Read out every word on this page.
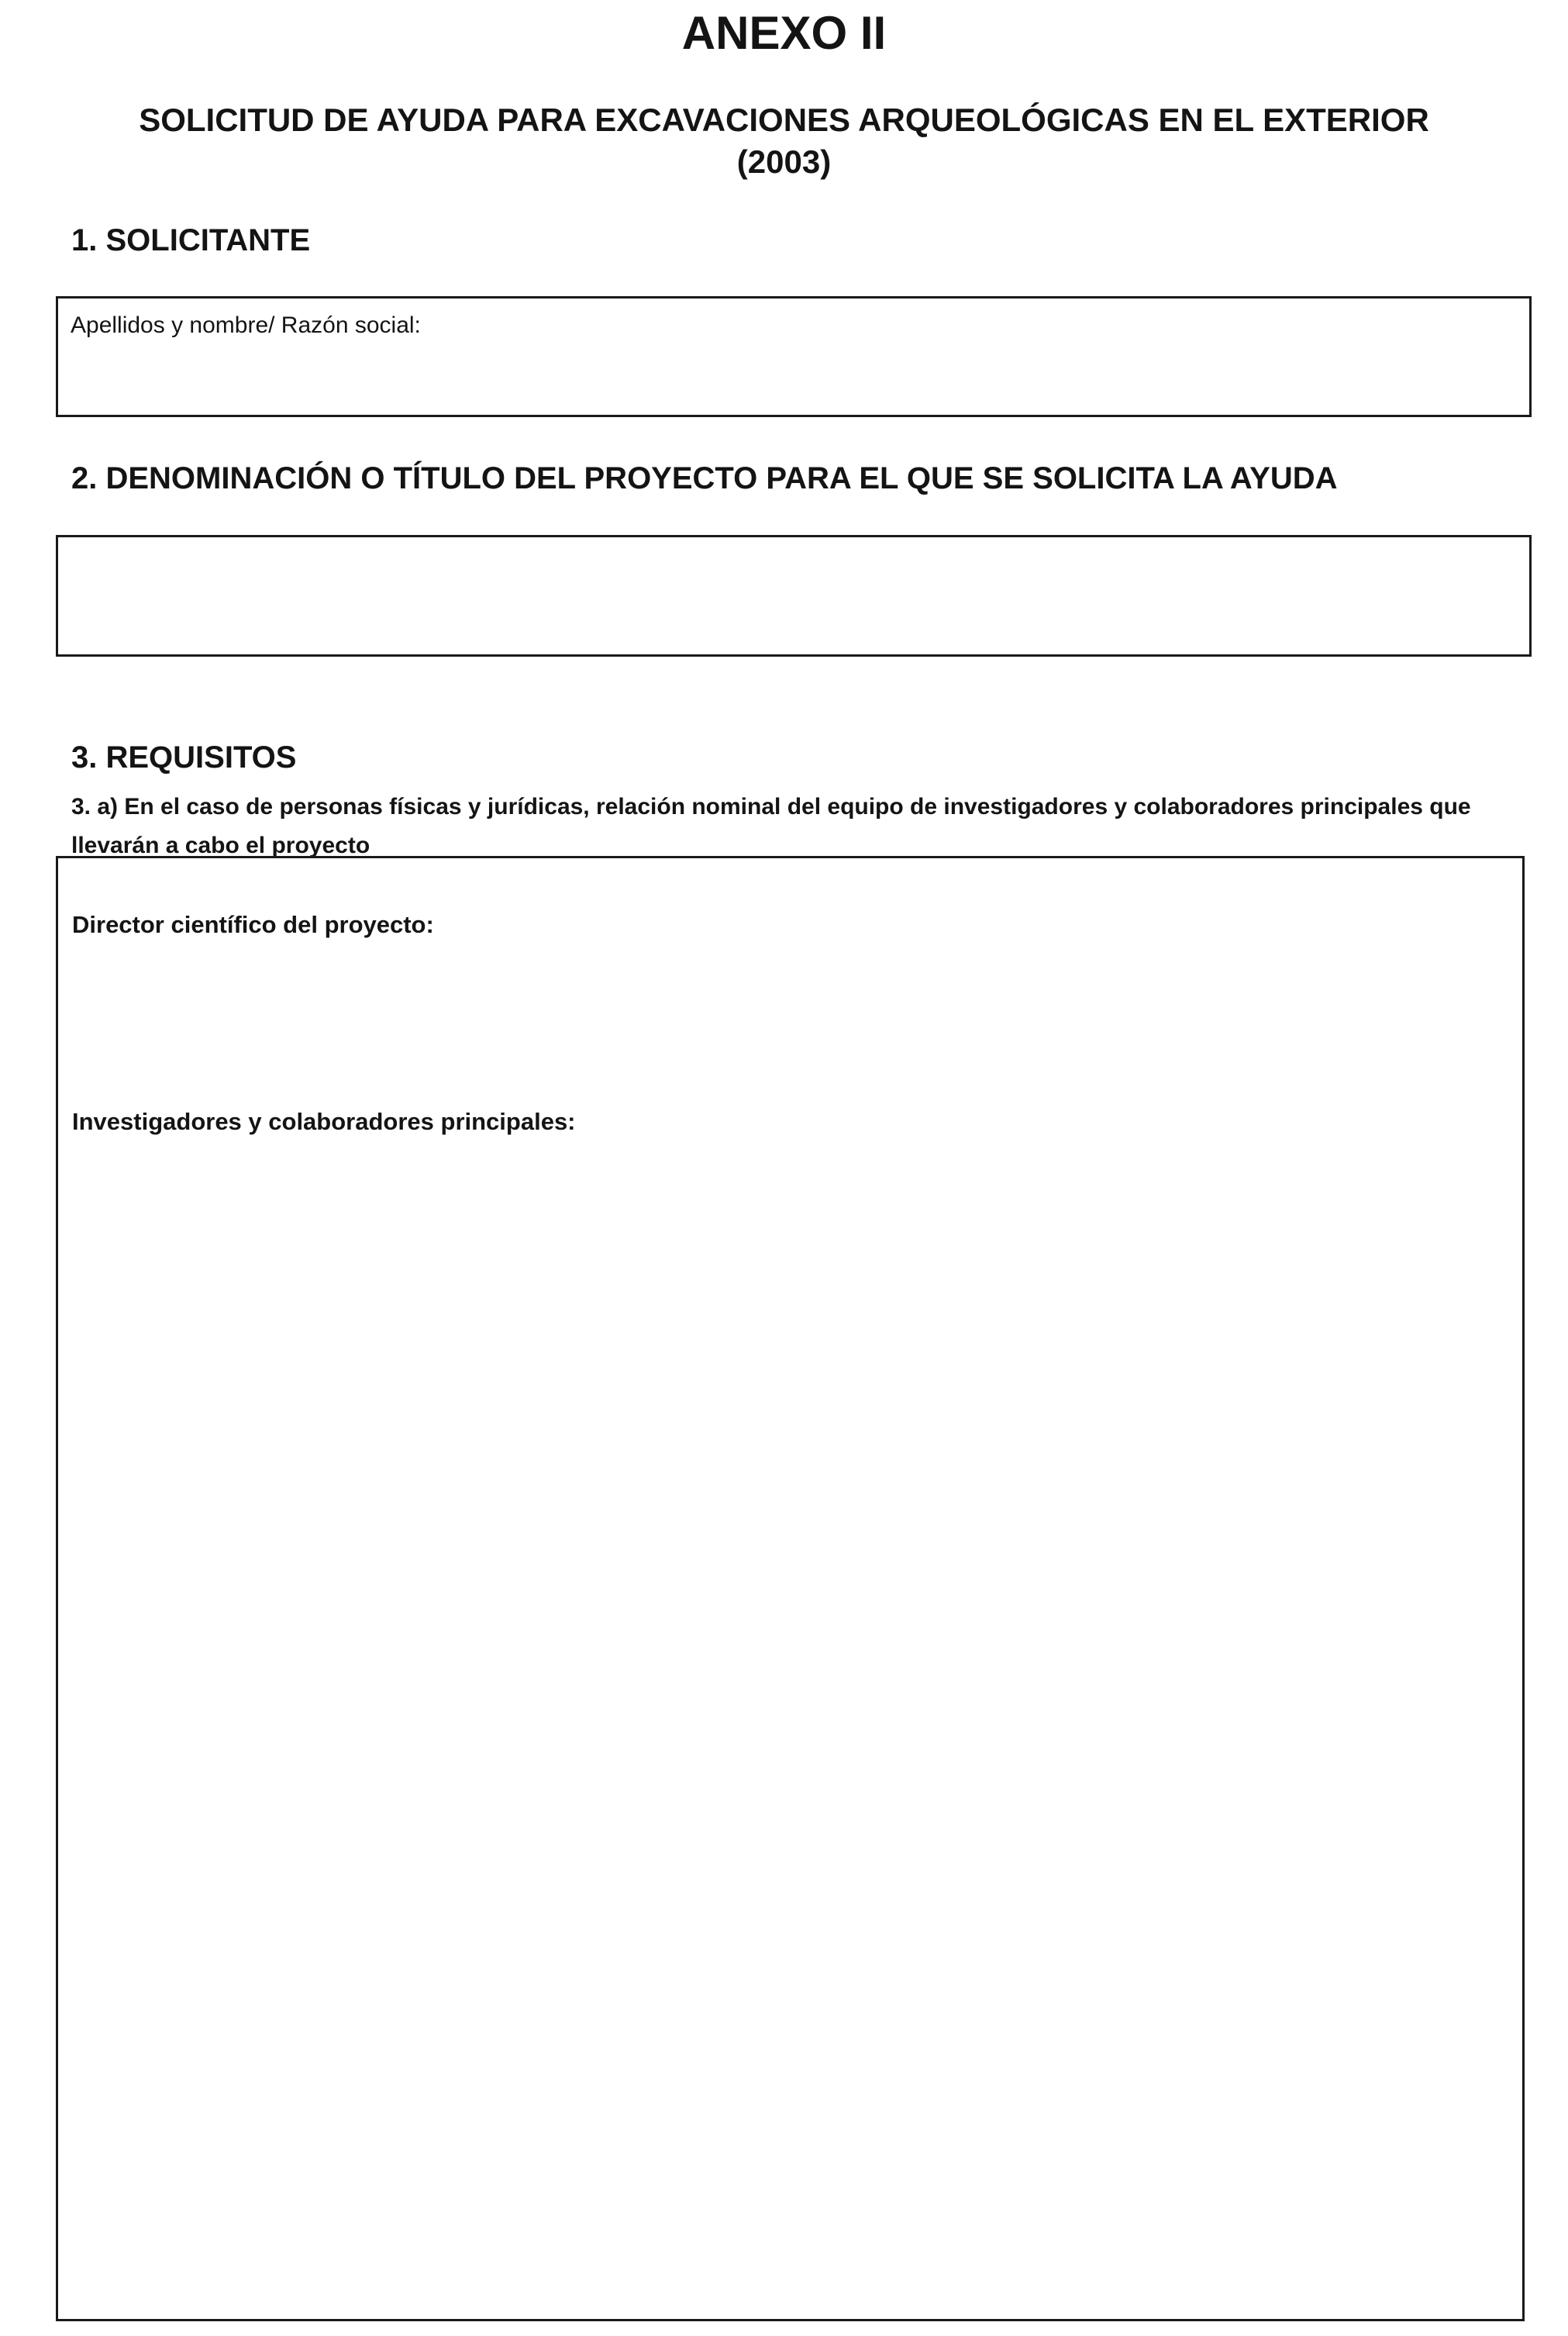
ANEXO II
SOLICITUD DE AYUDA PARA EXCAVACIONES ARQUEOLÓGICAS EN EL EXTERIOR
(2003)
1. SOLICITANTE
Apellidos y nombre/ Razón social:
2. DENOMINACIÓN O TÍTULO DEL PROYECTO PARA EL QUE SE SOLICITA LA AYUDA
3. REQUISITOS
3. a) En el caso de personas físicas y jurídicas, relación nominal del equipo de investigadores y colaboradores principales que llevarán a cabo el proyecto
Director científico del proyecto:
Investigadores y colaboradores principales:
